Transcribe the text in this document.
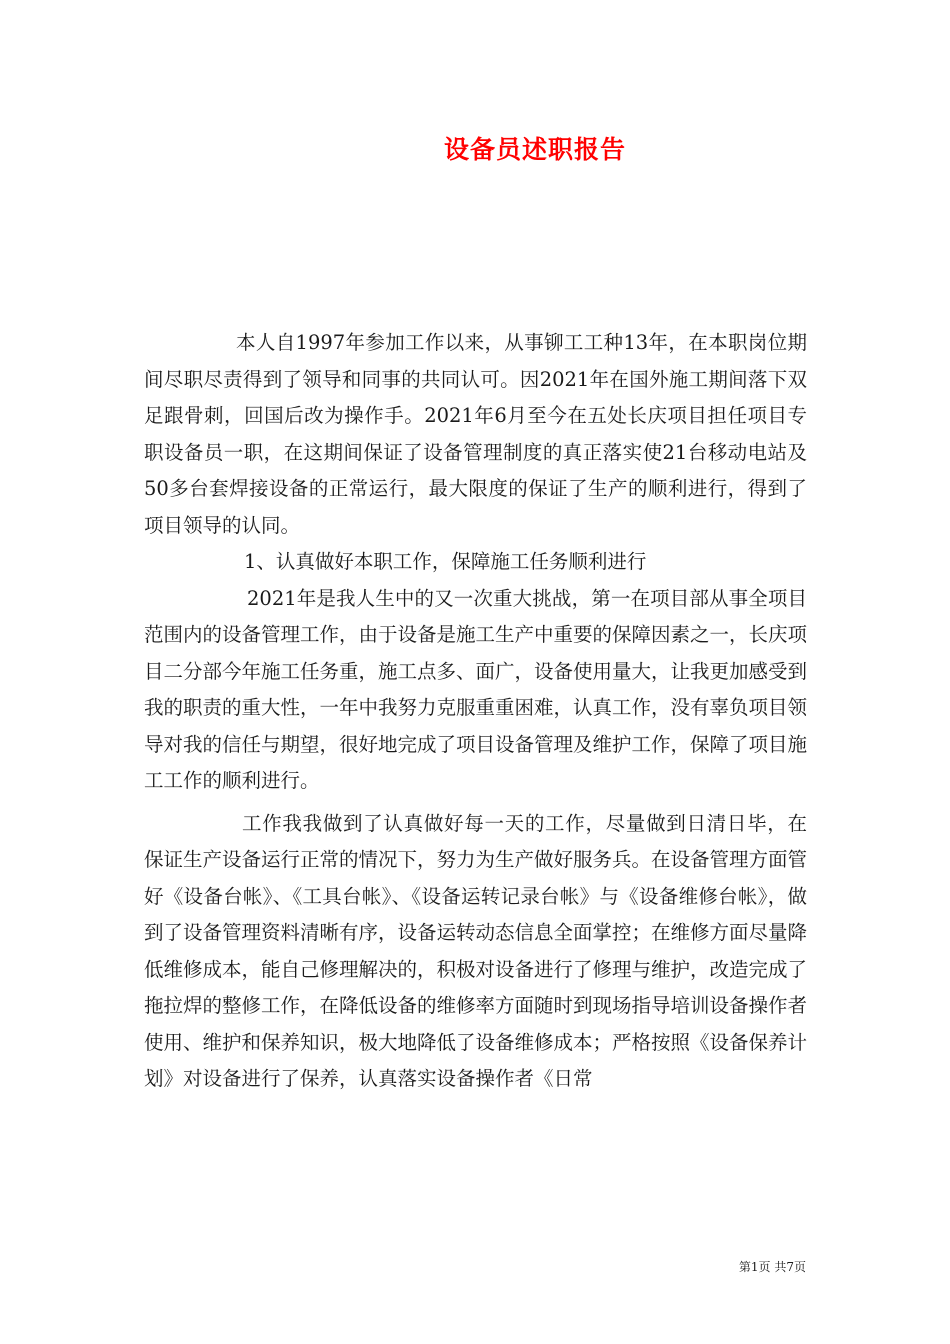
设备员述职报告

本人自1997年参加工作以来，从事铆工工种13年，在本职岗位期间尽职尽责得到了领导和同事的共同认可。因2021年在国外施工期间落下双足跟骨刺，回国后改为操作手。2021年6月至今在五处长庆项目担任项目专职设备员一职，在这期间保证了设备管理制度的真正落实使21台移动电站及50多台套焊接设备的正常运行，最大限度的保证了生产的顺利进行，得到了项目领导的认同。

1、认真做好本职工作，保障施工任务顺利进行

2021年是我人生中的又一次重大挑战，第一在项目部从事全项目范围内的设备管理工作，由于设备是施工生产中重要的保障因素之一，长庆项目二分部今年施工任务重，施工点多、面广，设备使用量大，让我更加感受到我的职责的重大性，一年中我努力克服重重困难，认真工作，没有辜负项目领导对我的信任与期望，很好地完成了项目设备管理及维护工作，保障了项目施工工作的顺利进行。

工作我我做到了认真做好每一天的工作，尽量做到日清日毕，在保证生产设备运行正常的情况下，努力为生产做好服务兵。在设备管理方面管好《设备台帐》、《工具台帐》、《设备运转记录台帐》与《设备维修台帐》，做到了设备管理资料清晰有序，设备运转动态信息全面掌控；在维修方面尽量降低维修成本，能自己修理解决的，积极对设备进行了修理与维护，改造完成了拖拉焊的整修工作，在降低设备的维修率方面随时到现场指导培训设备操作者使用、维护和保养知识，极大地降低了设备维修成本；严格按照《设备保养计划》对设备进行了保养，认真落实设备操作者《日常

第1页 共7页
